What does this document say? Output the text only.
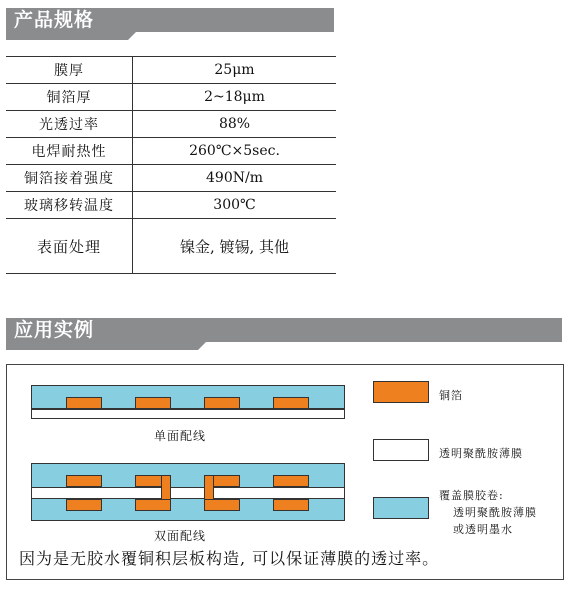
产品规格
膜厚	25μm
铜箔厚	2~18μm
光透过率	88%
电焊耐热性	260℃×5sec.
铜箔接着强度	490N/m
玻璃移转温度	300℃
表面处理	镍金, 镀锡, 其他
应用实例
单面配线
双面配线
铜箔
透明聚酰胺薄膜
覆盖膜胶卷:
透明聚酰胺薄膜
或透明墨水
因为是无胶水覆铜积层板构造, 可以保证薄膜的透过率。
